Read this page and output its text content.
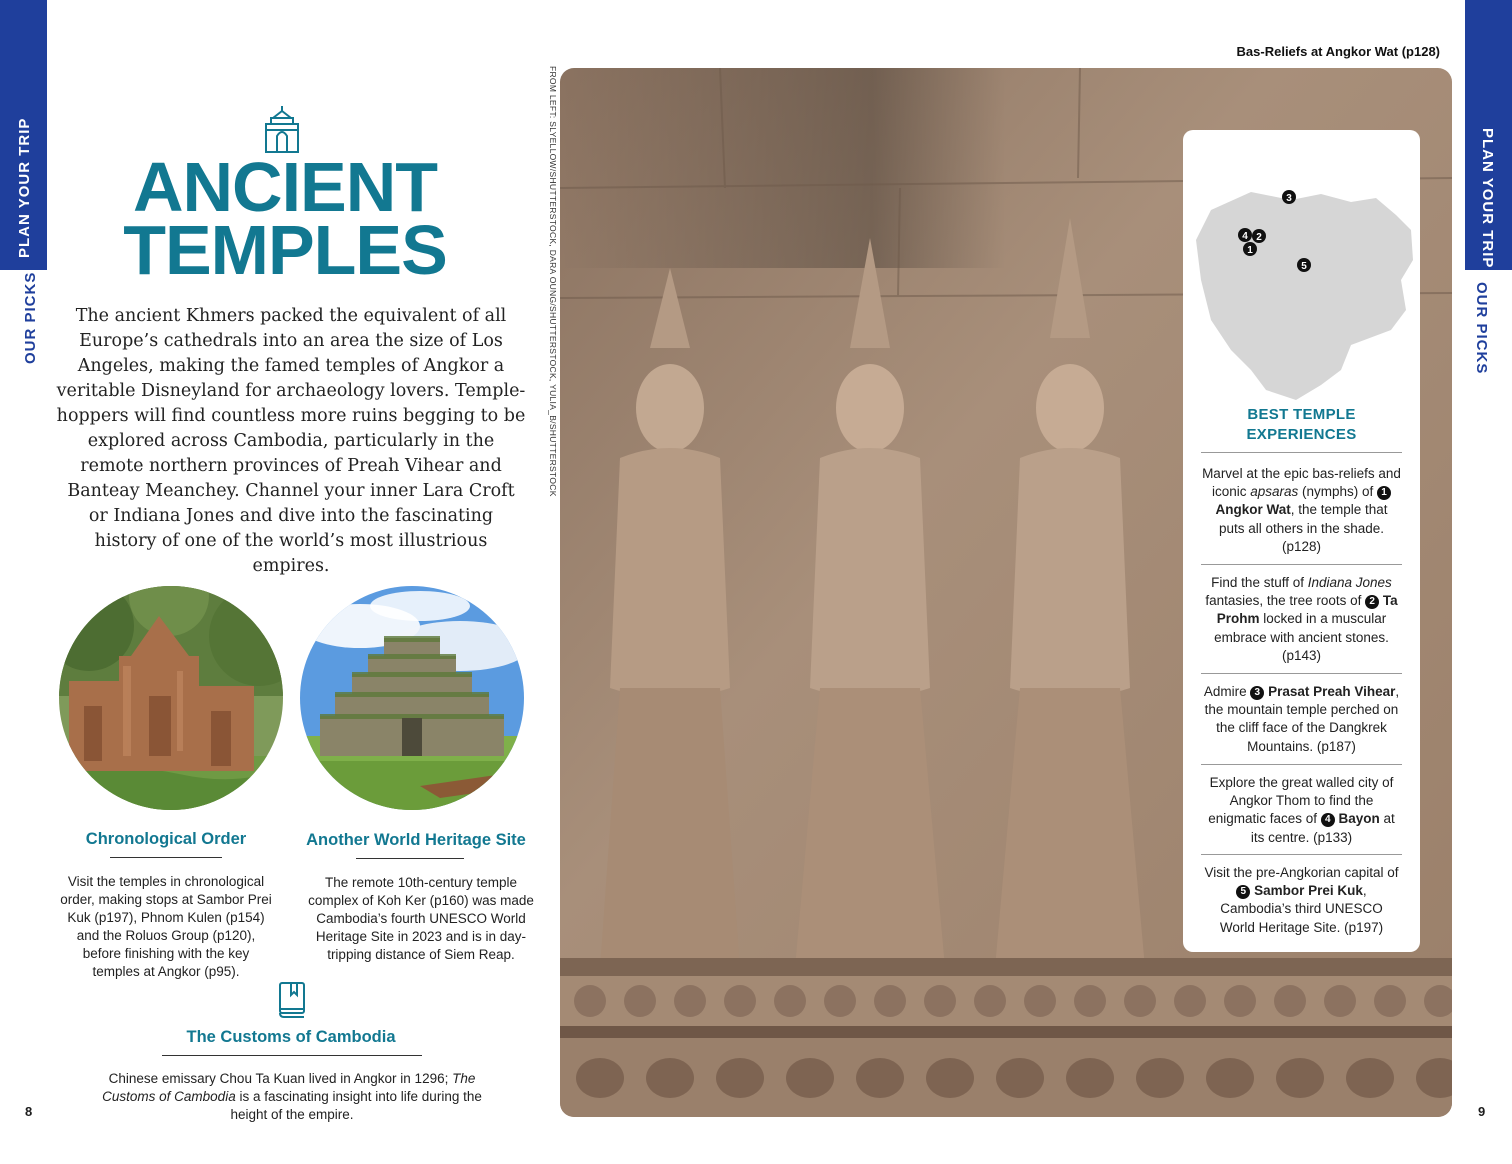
PLAN YOUR TRIP
OUR PICKS
PLAN YOUR TRIP
OUR PICKS
8	9
ANCIENT
TEMPLES

The ancient Khmers packed the equivalent of all Europe’s cathedrals into an area the size of Los Angeles, making the famed temples of Angkor a veritable Disneyland for archaeology lovers. Temple-hoppers will find countless more ruins begging to be explored across Cambodia, particularly in the remote northern provinces of Preah Vihear and Banteay Meanchey. Channel your inner Lara Croft or Indiana Jones and dive into the fascinating history of one of the world’s most illustrious empires.

Chronological Order

Visit the temples in chronological order, making stops at Sambor Prei Kuk (p197), Phnom Kulen (p154) and the Roluos Group (p120), before finishing with the key temples at Angkor (p95).

Another World Heritage Site

The remote 10th-century temple complex of Koh Ker (p160) was made Cambodia’s fourth UNESCO World Heritage Site in 2023 and is in day-tripping distance of Siem Reap.

The Customs of Cambodia

Chinese emissary Chou Ta Kuan lived in Angkor in 1296; The Customs of Cambodia is a fascinating insight into life during the height of the empire.

FROM LEFT: SLYELLOW/SHUTTERSTOCK, DARA OUNG/SHUTTERSTOCK, YULIA_B/SHUTTERSTOCK
Bas-Reliefs at Angkor Wat (p128)
3
4 2
1
5
BEST TEMPLE
EXPERIENCES

Marvel at the epic bas-reliefs and iconic apsaras (nymphs) of 1 Angkor Wat, the temple that puts all others in the shade. (p128)

Find the stuff of Indiana Jones fantasies, the tree roots of 2 Ta Prohm locked in a muscular embrace with ancient stones. (p143)

Admire 3 Prasat Preah Vihear, the mountain temple perched on the cliff face of the Dangkrek Mountains. (p187)

Explore the great walled city of Angkor Thom to find the enigmatic faces of 4 Bayon at its centre. (p133)

Visit the pre-Angkorian capital of 5 Sambor Prei Kuk, Cambodia’s third UNESCO World Heritage Site. (p197)
